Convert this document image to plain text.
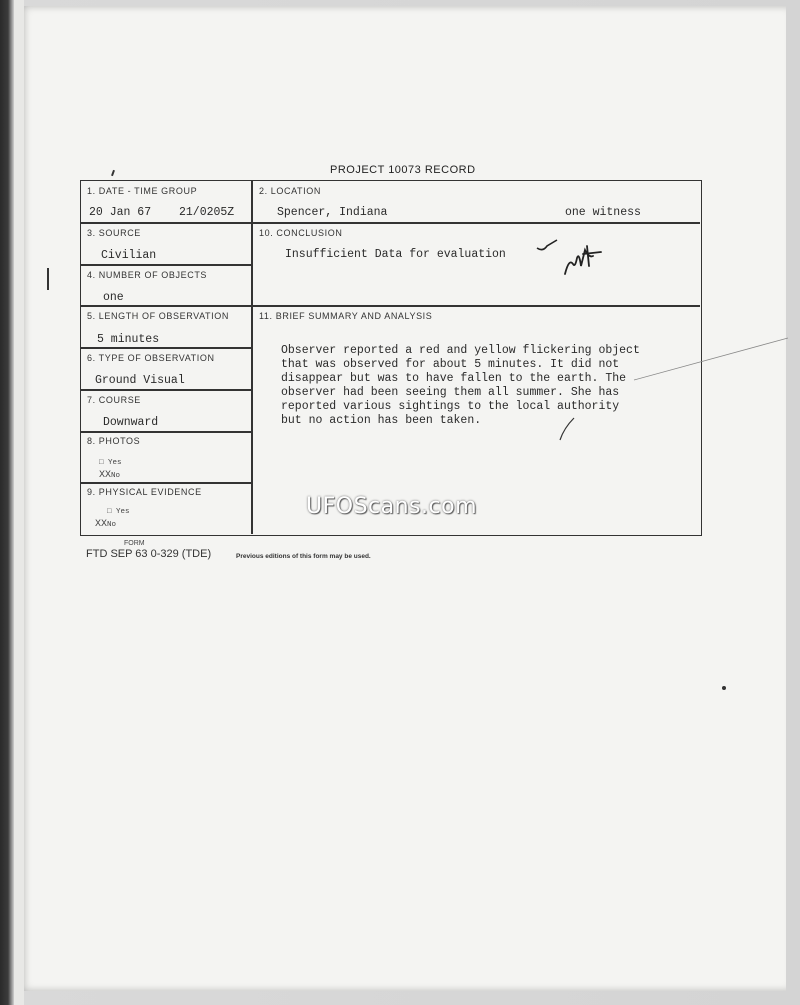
PROJECT 10073 RECORD
1. DATE - TIME GROUP
20 Jan 67 21/0205Z
2. LOCATION
Spencer, Indiana	one witness
3. SOURCE
Civilian
10. CONCLUSION
Insufficient Data for evaluation
4. NUMBER OF OBJECTS
one
5. LENGTH OF OBSERVATION
5 minutes
11. BRIEF SUMMARY AND ANALYSIS
Observer reported a red and yellow flickering object
that was observed for about 5 minutes. It did not
disappear but was to have fallen to the earth. The
observer had been seeing them all summer. She has
reported various sightings to the local authority
but no action has been taken.
6. TYPE OF OBSERVATION
Ground Visual
7. COURSE
Downward
8. PHOTOS
□ Yes
XXNo
9. PHYSICAL EVIDENCE
□ Yes
XXNo
FORM
FTD SEP 63 0-329 (TDE)	Previous editions of this form may be used.
UFOScans.com
